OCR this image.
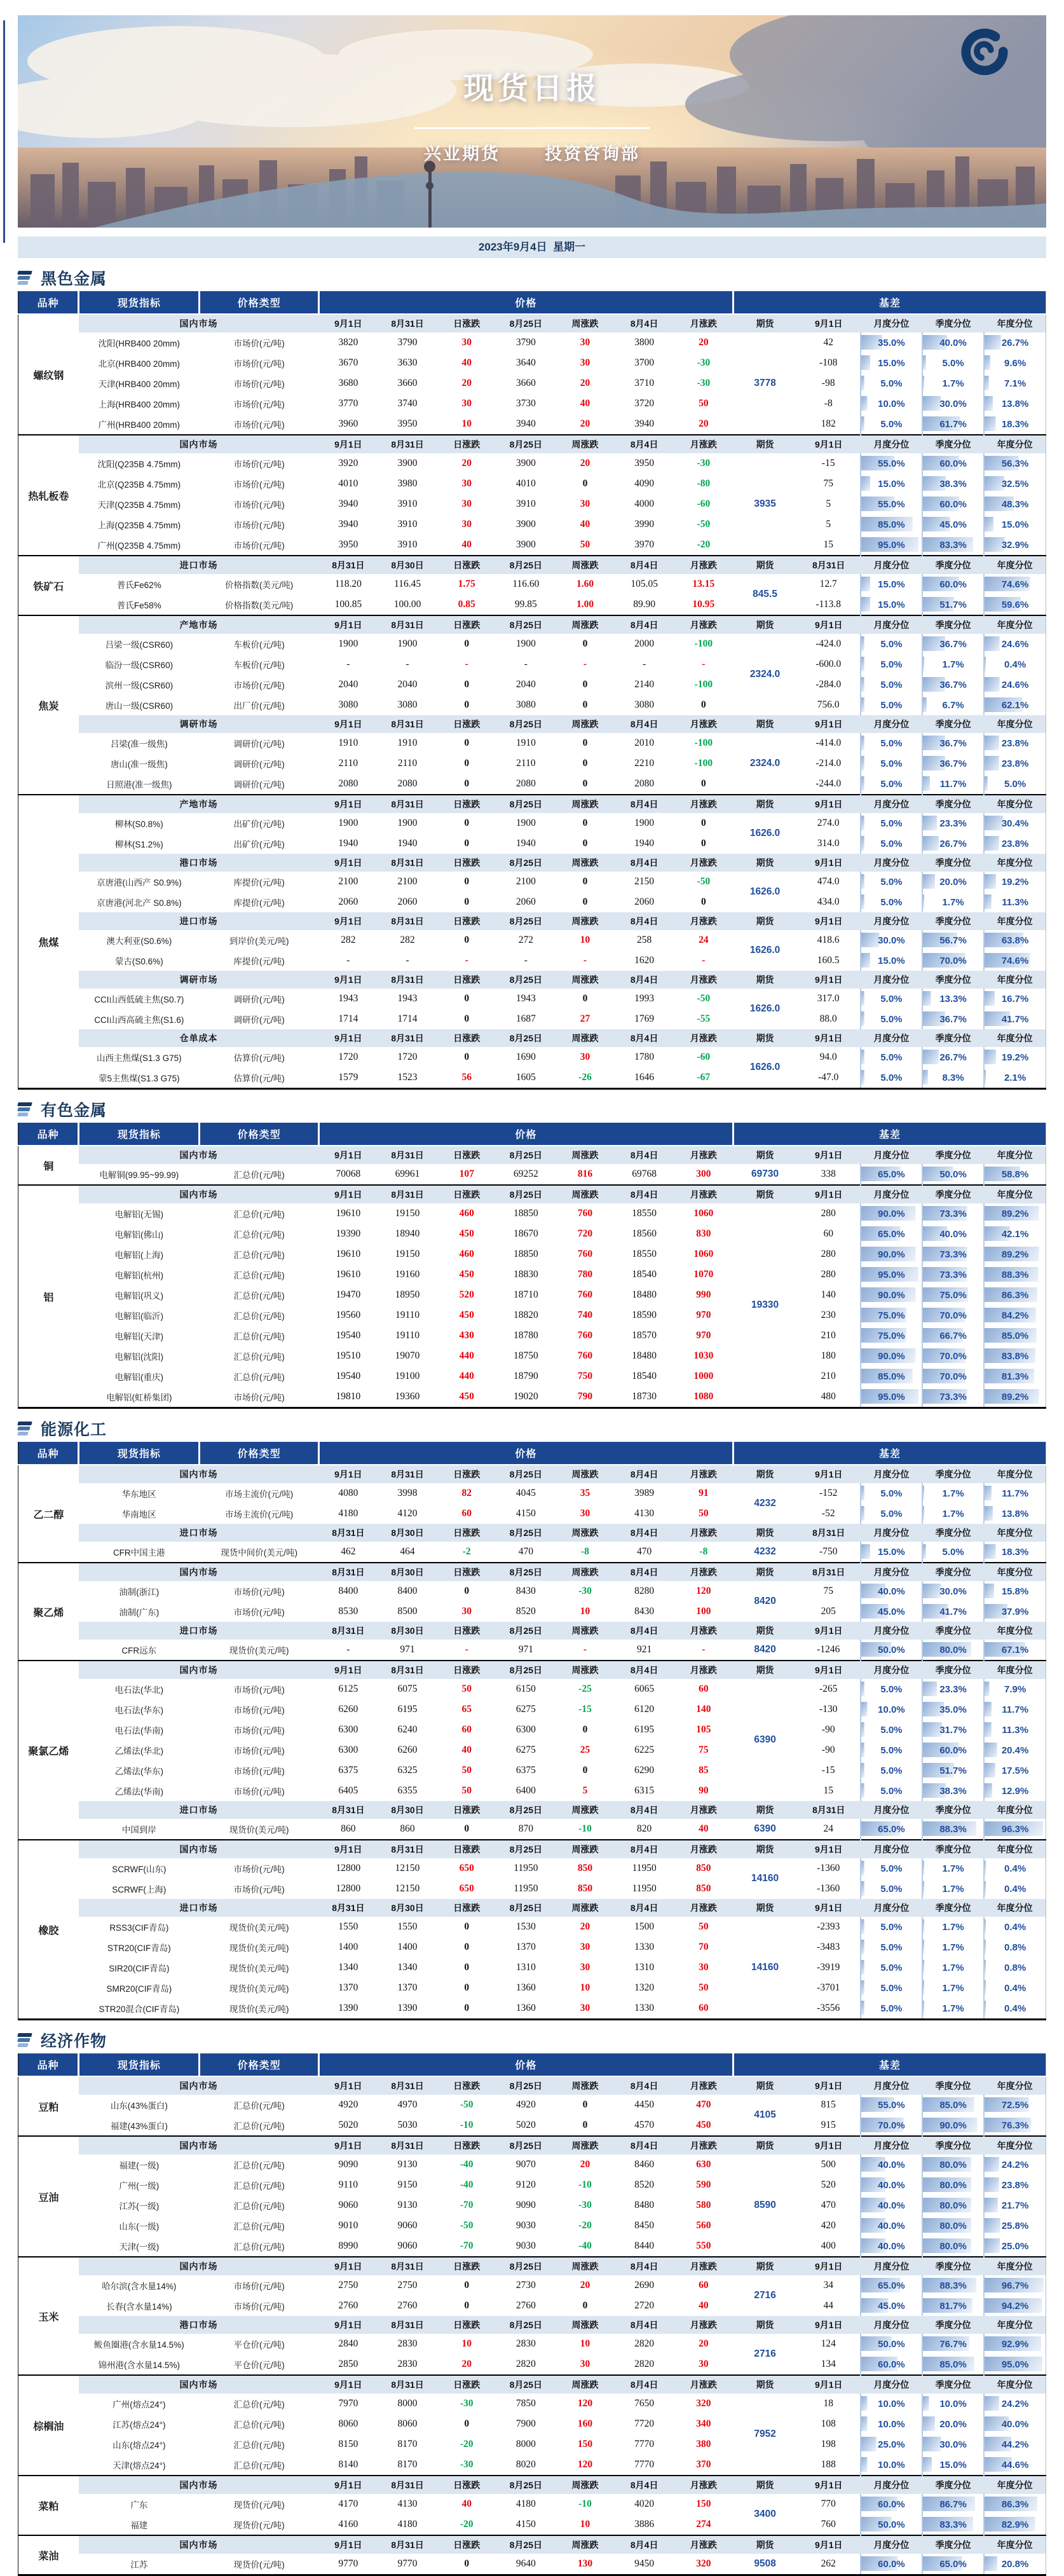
现货日报
兴业期货	投资咨询部
2023年9月4日  星期一
黑色金属
品种	现货指标	价格类型	价格							基差				
螺纹钢	国内市场		9月1日	8月31日	日涨跌	8月25日	周涨跌	8月4日	月涨跌	期货	9月1日	月度分位	季度分位	年度分位
	沈阳(HRB400 20mm)	市场价(元/吨)	3820	3790	30	3790	30	3800	20	3778	42	35.0%	40.0%	26.7%
	北京(HRB400 20mm)	市场价(元/吨)	3670	3630	40	3640	30	3700	-30		-108	15.0%	5.0%	9.6%
	天津(HRB400 20mm)	市场价(元/吨)	3680	3660	20	3660	20	3710	-30		-98	5.0%	1.7%	7.1%
	上海(HRB400 20mm)	市场价(元/吨)	3770	3740	30	3730	40	3720	50		-8	10.0%	30.0%	13.8%
	广州(HRB400 20mm)	市场价(元/吨)	3960	3950	10	3940	20	3940	20		182	5.0%	61.7%	18.3%
热轧板卷	国内市场		9月1日	8月31日	日涨跌	8月25日	周涨跌	8月4日	月涨跌	期货	9月1日	月度分位	季度分位	年度分位
	沈阳(Q235B 4.75mm)	市场价(元/吨)	3920	3900	20	3900	20	3950	-30	3935	-15	55.0%	60.0%	56.3%
	北京(Q235B 4.75mm)	市场价(元/吨)	4010	3980	30	4010	0	4090	-80		75	15.0%	38.3%	32.5%
	天津(Q235B 4.75mm)	市场价(元/吨)	3940	3910	30	3910	30	4000	-60		5	55.0%	60.0%	48.3%
	上海(Q235B 4.75mm)	市场价(元/吨)	3940	3910	30	3900	40	3990	-50		5	85.0%	45.0%	15.0%
	广州(Q235B 4.75mm)	市场价(元/吨)	3950	3910	40	3900	50	3970	-20		15	95.0%	83.3%	32.9%
铁矿石	进口市场		8月31日	8月30日	日涨跌	8月25日	周涨跌	8月4日	月涨跌	期货	8月31日	月度分位	季度分位	年度分位
	普氏Fe62%	价格指数(美元/吨)	118.20	116.45	1.75	116.60	1.60	105.05	13.15	845.5	12.7	15.0%	60.0%	74.6%
	普氏Fe58%	价格指数(美元/吨)	100.85	100.00	0.85	99.85	1.00	89.90	10.95		-113.8	15.0%	51.7%	59.6%
焦炭	产地市场		9月1日	8月31日	日涨跌	8月25日	周涨跌	8月4日	月涨跌	期货	9月1日	月度分位	季度分位	年度分位
	吕梁一级(CSR60)	车板价(元/吨)	1900	1900	0	1900	0	2000	-100	2324.0	-424.0	5.0%	36.7%	24.6%
	临汾一级(CSR60)	车板价(元/吨)	-	-	-	-	-	-	-		-600.0	5.0%	1.7%	0.4%
	滨州一级(CSR60)	市场价(元/吨)	2040	2040	0	2040	0	2140	-100		-284.0	5.0%	36.7%	24.6%
	唐山一级(CSR60)	出厂价(元/吨)	3080	3080	0	3080	0	3080	0		756.0	5.0%	6.7%	62.1%
	调研市场		9月1日	8月31日	日涨跌	8月25日	周涨跌	8月4日	月涨跌	期货	9月1日	月度分位	季度分位	年度分位
	吕梁(准一级焦)	调研价(元/吨)	1910	1910	0	1910	0	2010	-100	2324.0	-414.0	5.0%	36.7%	23.8%
	唐山(准一级焦)	调研价(元/吨)	2110	2110	0	2110	0	2210	-100		-214.0	5.0%	36.7%	23.8%
	日照港(准一级焦)	调研价(元/吨)	2080	2080	0	2080	0	2080	0		-244.0	5.0%	11.7%	5.0%
焦煤	产地市场		9月1日	8月31日	日涨跌	8月25日	周涨跌	8月4日	月涨跌	期货	9月1日	月度分位	季度分位	年度分位
	柳林(S0.8%)	出矿价(元/吨)	1900	1900	0	1900	0	1900	0	1626.0	274.0	5.0%	23.3%	30.4%
	柳林(S1.2%)	出矿价(元/吨)	1940	1940	0	1940	0	1940	0		314.0	5.0%	26.7%	23.8%
	港口市场		9月1日	8月31日	日涨跌	8月25日	周涨跌	8月4日	月涨跌	期货	9月1日	月度分位	季度分位	年度分位
	京唐港(山西产 S0.9%)	库提价(元/吨)	2100	2100	0	2100	0	2150	-50	1626.0	474.0	5.0%	20.0%	19.2%
	京唐港(河北产 S0.8%)	库提价(元/吨)	2060	2060	0	2060	0	2060	0		434.0	5.0%	1.7%	11.3%
	进口市场		9月1日	8月31日	日涨跌	8月25日	周涨跌	8月4日	月涨跌	期货	9月1日	月度分位	季度分位	年度分位
	澳大利亚(S0.6%)	到岸价(美元/吨)	282	282	0	272	10	258	24	1626.0	418.6	30.0%	56.7%	63.8%
	蒙古(S0.6%)	库提价(元/吨)	-	-	-	-	-	1620	-		160.5	15.0%	70.0%	74.6%
	调研市场		9月1日	8月31日	日涨跌	8月25日	周涨跌	8月4日	月涨跌	期货	9月1日	月度分位	季度分位	年度分位
	CCI山西低硫主焦(S0.7)	调研价(元/吨)	1943	1943	0	1943	0	1993	-50	1626.0	317.0	5.0%	13.3%	16.7%
	CCI山西高硫主焦(S1.6)	调研价(元/吨)	1714	1714	0	1687	27	1769	-55		88.0	5.0%	36.7%	41.7%
	仓单成本		9月1日	8月31日	日涨跌	8月25日	周涨跌	8月4日	月涨跌	期货	9月1日	月度分位	季度分位	年度分位
	山西主焦煤(S1.3 G75)	估算价(元/吨)	1720	1720	0	1690	30	1780	-60	1626.0	94.0	5.0%	26.7%	19.2%
	蒙5主焦煤(S1.3 G75)	估算价(元/吨)	1579	1523	56	1605	-26	1646	-67		-47.0	5.0%	8.3%	2.1%
有色金属
品种	现货指标	价格类型	价格							基差				
铜	国内市场		9月1日	8月31日	日涨跌	8月25日	周涨跌	8月4日	月涨跌	期货	9月1日	月度分位	季度分位	年度分位
	电解铜(99.95~99.99)	汇总价(元/吨)	70068	69961	107	69252	816	69768	300	69730	338	65.0%	50.0%	58.8%
铝	国内市场		9月1日	8月31日	日涨跌	8月25日	周涨跌	8月4日	月涨跌	期货	9月1日	月度分位	季度分位	年度分位
	电解铝(无锡)	汇总价(元/吨)	19610	19150	460	18850	760	18550	1060	19330	280	90.0%	73.3%	89.2%
	电解铝(佛山)	汇总价(元/吨)	19390	18940	450	18670	720	18560	830		60	65.0%	40.0%	42.1%
	电解铝(上海)	汇总价(元/吨)	19610	19150	460	18850	760	18550	1060		280	90.0%	73.3%	89.2%
	电解铝(杭州)	汇总价(元/吨)	19610	19160	450	18830	780	18540	1070		280	95.0%	73.3%	88.3%
	电解铝(巩义)	汇总价(元/吨)	19470	18950	520	18710	760	18480	990		140	90.0%	75.0%	86.3%
	电解铝(临沂)	汇总价(元/吨)	19560	19110	450	18820	740	18590	970		230	75.0%	70.0%	84.2%
	电解铝(天津)	汇总价(元/吨)	19540	19110	430	18780	760	18570	970		210	75.0%	66.7%	85.0%
	电解铝(沈阳)	汇总价(元/吨)	19510	19070	440	18750	760	18480	1030		180	90.0%	70.0%	83.8%
	电解铝(重庆)	汇总价(元/吨)	19540	19100	440	18790	750	18540	1000		210	85.0%	70.0%	81.3%
	电解铝(虹桥集团)	市场价(元/吨)	19810	19360	450	19020	790	18730	1080		480	95.0%	73.3%	89.2%
能源化工
品种	现货指标	价格类型	价格							基差				
乙二醇	国内市场		9月1日	8月31日	日涨跌	8月25日	周涨跌	8月4日	月涨跌	期货	9月1日	月度分位	季度分位	年度分位
	华东地区	市场主流价(元/吨)	4080	3998	82	4045	35	3989	91	4232	-152	5.0%	1.7%	11.7%
	华南地区	市场主流价(元/吨)	4180	4120	60	4150	30	4130	50		-52	5.0%	1.7%	13.8%
	进口市场		8月31日	8月30日	日涨跌	8月25日	周涨跌	8月4日	月涨跌	期货	8月31日	月度分位	季度分位	年度分位
	CFR中国主港	现货中间价(美元/吨)	462	464	-2	470	-8	470	-8	4232	-750	15.0%	5.0%	18.3%
聚乙烯	国内市场		8月31日	8月30日	日涨跌	8月25日	周涨跌	8月4日	月涨跌	期货	8月31日	月度分位	季度分位	年度分位
	油制(浙江)	市场价(元/吨)	8400	8400	0	8430	-30	8280	120	8420	75	40.0%	30.0%	15.8%
	油制(广东)	市场价(元/吨)	8530	8500	30	8520	10	8430	100		205	45.0%	41.7%	37.9%
	进口市场		8月31日	8月30日	日涨跌	8月25日	周涨跌	8月4日	月涨跌	期货	9月1日	月度分位	季度分位	年度分位
	CFR远东	现货价(美元/吨)	-	971	-	971	-	921	-	8420	-1246	50.0%	80.0%	67.1%
聚氯乙烯	国内市场		9月1日	8月31日	日涨跌	8月25日	周涨跌	8月4日	月涨跌	期货	9月1日	月度分位	季度分位	年度分位
	电石法(华北)	市场价(元/吨)	6125	6075	50	6150	-25	6065	60	6390	-265	5.0%	23.3%	7.9%
	电石法(华东)	市场价(元/吨)	6260	6195	65	6275	-15	6120	140		-130	10.0%	35.0%	11.7%
	电石法(华南)	市场价(元/吨)	6300	6240	60	6300	0	6195	105		-90	5.0%	31.7%	11.3%
	乙烯法(华北)	市场价(元/吨)	6300	6260	40	6275	25	6225	75		-90	5.0%	60.0%	20.4%
	乙烯法(华东)	市场价(元/吨)	6375	6325	50	6375	0	6290	85		-15	5.0%	51.7%	17.5%
	乙烯法(华南)	市场价(元/吨)	6405	6355	50	6400	5	6315	90		15	5.0%	38.3%	12.9%
	进口市场		8月31日	8月30日	日涨跌	8月25日	周涨跌	8月4日	月涨跌	期货	8月31日	月度分位	季度分位	年度分位
	中国到岸	现货价(美元/吨)	860	860	0	870	-10	820	40	6390	24	65.0%	88.3%	96.3%
橡胶	国内市场		9月1日	8月31日	日涨跌	8月25日	周涨跌	8月4日	月涨跌	期货	9月1日	月度分位	季度分位	年度分位
	SCRWF(山东)	市场价(元/吨)	12800	12150	650	11950	850	11950	850	14160	-1360	5.0%	1.7%	0.4%
	SCRWF(上海)	市场价(元/吨)	12800	12150	650	11950	850	11950	850		-1360	5.0%	1.7%	0.4%
	进口市场		8月31日	8月30日	日涨跌	8月25日	周涨跌	8月4日	月涨跌	期货	9月1日	月度分位	季度分位	年度分位
	RSS3(CIF青岛)	现货价(美元/吨)	1550	1550	0	1530	20	1500	50	14160	-2393	5.0%	1.7%	0.4%
	STR20(CIF青岛)	现货价(美元/吨)	1400	1400	0	1370	30	1330	70		-3483	5.0%	1.7%	0.8%
	SIR20(CIF青岛)	现货价(美元/吨)	1340	1340	0	1310	30	1310	30		-3919	5.0%	1.7%	0.8%
	SMR20(CIF青岛)	现货价(美元/吨)	1370	1370	0	1360	10	1320	50		-3701	5.0%	1.7%	0.4%
	STR20混合(CIF青岛)	现货价(美元/吨)	1390	1390	0	1360	30	1330	60		-3556	5.0%	1.7%	0.4%
经济作物
品种	现货指标	价格类型	价格							基差				
豆粕	国内市场		9月1日	8月31日	日涨跌	8月25日	周涨跌	8月4日	月涨跌	期货	9月1日	月度分位	季度分位	年度分位
	山东(43%蛋白)	汇总价(元/吨)	4920	4970	-50	4920	0	4450	470	4105	815	55.0%	85.0%	72.5%
	福建(43%蛋白)	汇总价(元/吨)	5020	5030	-10	5020	0	4570	450		915	70.0%	90.0%	76.3%
豆油	国内市场		9月1日	8月31日	日涨跌	8月25日	周涨跌	8月4日	月涨跌	期货	9月1日	月度分位	季度分位	年度分位
	福建(一级)	汇总价(元/吨)	9090	9130	-40	9070	20	8460	630	8590	500	40.0%	80.0%	24.2%
	广州(一级)	汇总价(元/吨)	9110	9150	-40	9120	-10	8520	590		520	40.0%	80.0%	23.8%
	江苏(一级)	汇总价(元/吨)	9060	9130	-70	9090	-30	8480	580		470	40.0%	80.0%	21.7%
	山东(一级)	汇总价(元/吨)	9010	9060	-50	9030	-20	8450	560		420	40.0%	80.0%	25.8%
	天津(一级)	汇总价(元/吨)	8990	9060	-70	9030	-40	8440	550		400	40.0%	80.0%	25.0%
玉米	国内市场		9月1日	8月31日	日涨跌	8月25日	周涨跌	8月4日	月涨跌	期货	9月1日	月度分位	季度分位	年度分位
	哈尔滨(含水量14%)	市场价(元/吨)	2750	2750	0	2730	20	2690	60	2716	34	65.0%	88.3%	96.7%
	长春(含水量14%)	市场价(元/吨)	2760	2760	0	2760	0	2720	40		44	45.0%	81.7%	94.2%
	港口市场		9月1日	8月31日	日涨跌	8月25日	周涨跌	8月4日	月涨跌	期货	9月1日	月度分位	季度分位	年度分位
	鲅鱼圈港(含水量14.5%)	平仓价(元/吨)	2840	2830	10	2830	10	2820	20	2716	124	50.0%	76.7%	92.9%
	锦州港(含水量14.5%)	平仓价(元/吨)	2850	2830	20	2820	30	2820	30		134	60.0%	85.0%	95.0%
棕榈油	国内市场		9月1日	8月31日	日涨跌	8月25日	周涨跌	8月4日	月涨跌	期货	9月1日	月度分位	季度分位	年度分位
	广州(熔点24°)	汇总价(元/吨)	7970	8000	-30	7850	120	7650	320	7952	18	10.0%	10.0%	24.2%
	江苏(熔点24°)	汇总价(元/吨)	8060	8060	0	7900	160	7720	340		108	10.0%	20.0%	40.0%
	山东(熔点24°)	汇总价(元/吨)	8150	8170	-20	8000	150	7770	380		198	25.0%	30.0%	44.2%
	天津(熔点24°)	汇总价(元/吨)	8140	8170	-30	8020	120	7770	370		188	10.0%	15.0%	44.6%
菜粕	国内市场		9月1日	8月31日	日涨跌	8月25日	周涨跌	8月4日	月涨跌	期货	9月1日	月度分位	季度分位	年度分位
	广东	现货价(元/吨)	4170	4130	40	4180	-10	4020	150	3400	770	60.0%	86.7%	86.3%
	福建	现货价(元/吨)	4160	4180	-20	4150	10	3886	274		760	50.0%	83.3%	82.9%
菜油	国内市场		9月1日	8月31日	日涨跌	8月25日	周涨跌	8月4日	月涨跌	期货	9月1日	月度分位	季度分位	年度分位
	江苏	现货价(元/吨)	9770	9770	0	9640	130	9450	320	9508	262	60.0%	65.0%	20.8%
